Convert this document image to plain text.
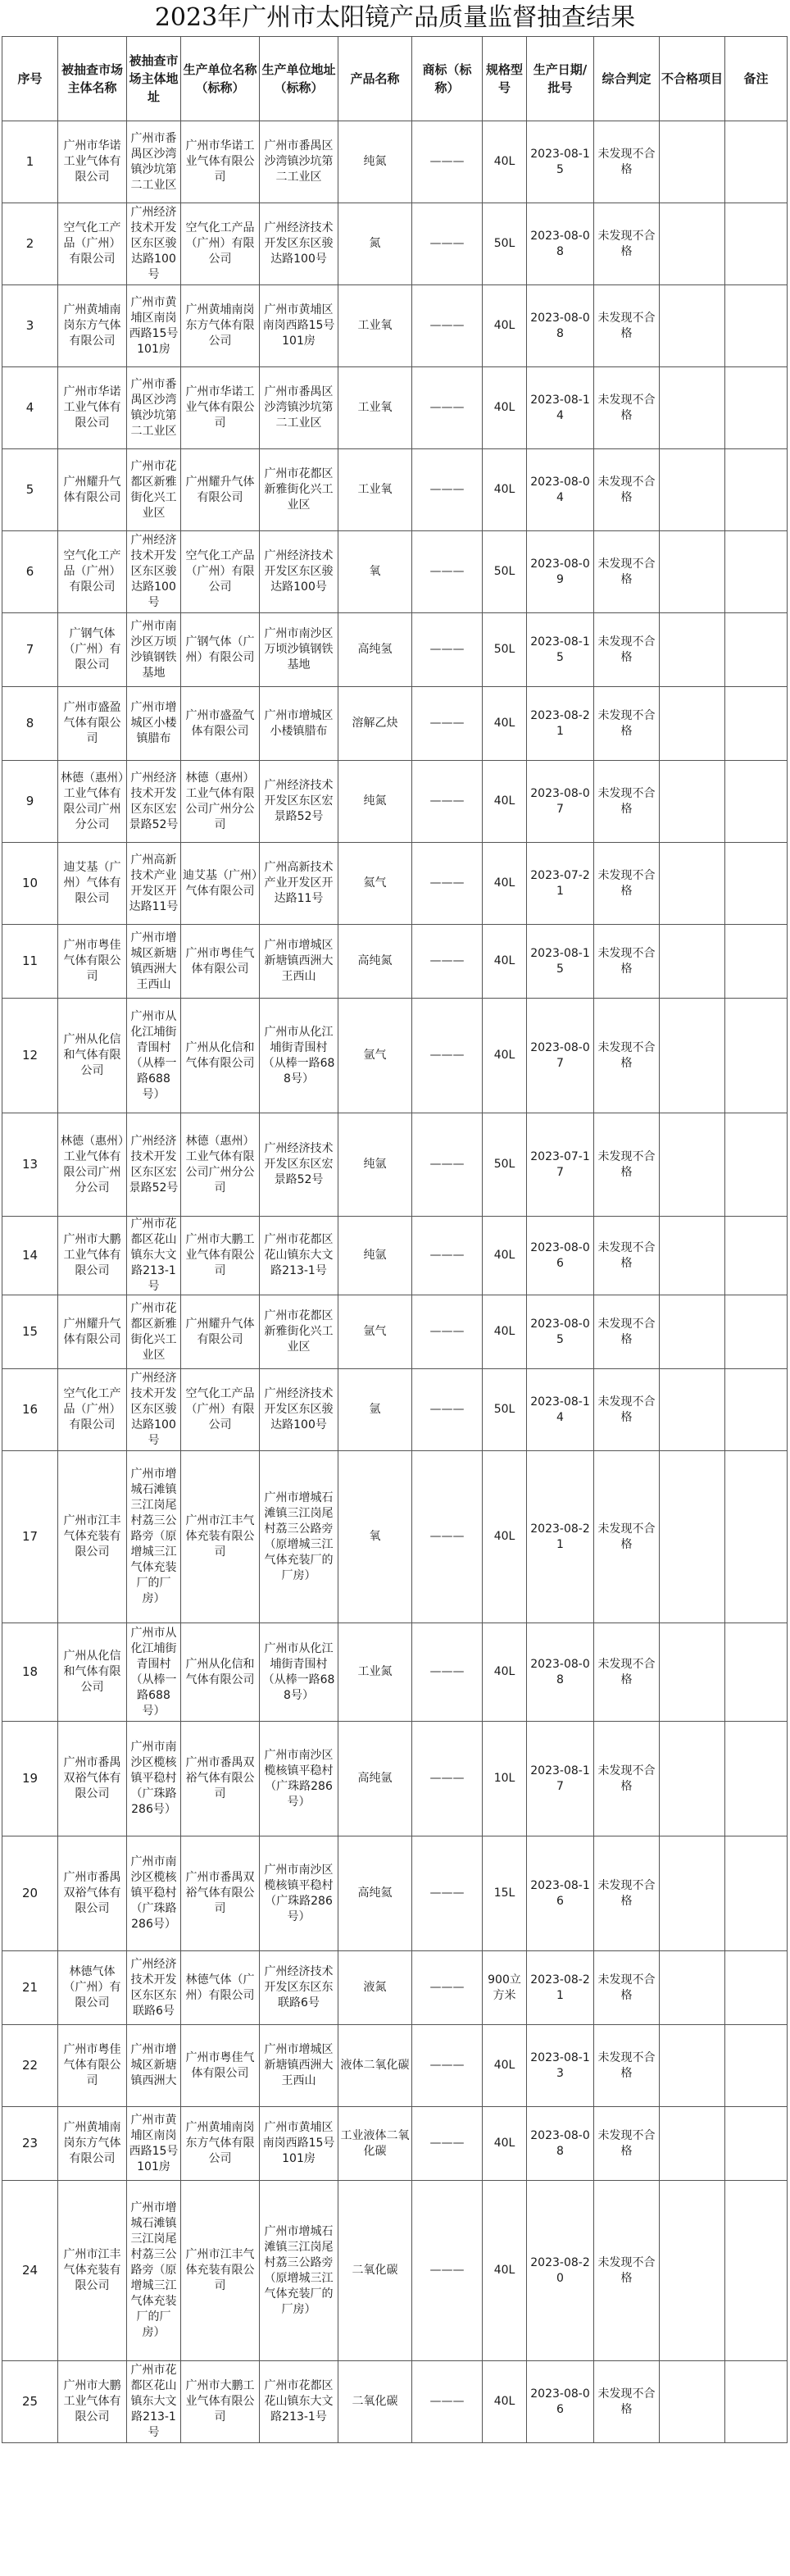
2023年广州市太阳镜产品质量监督抽查结果
序号	被抽查市场主体名称	被抽查市场主体地址	生产单位名称（标称）	生产单位地址（标称）	产品名称	商标（标称）	规格型号	生产日期/批号	综合判定	不合格项目	备注
1	广州市华诺工业气体有限公司	广州市番禺区沙湾镇沙坑第二工业区	广州市华诺工业气体有限公司	广州市番禺区沙湾镇沙坑第二工业区	纯氮	———	40L	2023-08-15	未发现不合格		
2	空气化工产品（广州）有限公司	广州经济技术开发区东区骏达路100号	空气化工产品（广州）有限公司	广州经济技术开发区东区骏达路100号	氮	———	50L	2023-08-08	未发现不合格		
3	广州黄埔南岗东方气体有限公司	广州市黄埔区南岗西路15号101房	广州黄埔南岗东方气体有限公司	广州市黄埔区南岗西路15号101房	工业氧	———	40L	2023-08-08	未发现不合格		
4	广州市华诺工业气体有限公司	广州市番禺区沙湾镇沙坑第二工业区	广州市华诺工业气体有限公司	广州市番禺区沙湾镇沙坑第二工业区	工业氧	———	40L	2023-08-14	未发现不合格		
5	广州耀升气体有限公司	广州市花都区新雅街化兴工业区	广州耀升气体有限公司	广州市花都区新雅街化兴工业区	工业氧	———	40L	2023-08-04	未发现不合格		
6	空气化工产品（广州）有限公司	广州经济技术开发区东区骏达路100号	空气化工产品（广州）有限公司	广州经济技术开发区东区骏达路100号	氧	———	50L	2023-08-09	未发现不合格		
7	广钢气体（广州）有限公司	广州市南沙区万顷沙镇钢铁基地	广钢气体（广州）有限公司	广州市南沙区万顷沙镇钢铁基地	高纯氢	———	50L	2023-08-15	未发现不合格		
8	广州市盛盈气体有限公司	广州市增城区小楼镇腊布	广州市盛盈气体有限公司	广州市增城区小楼镇腊布	溶解乙炔	———	40L	2023-08-21	未发现不合格		
9	林德（惠州）工业气体有限公司广州分公司	广州经济技术开发区东区宏景路52号	林德（惠州）工业气体有限公司广州分公司	广州经济技术开发区东区宏景路52号	纯氮	———	40L	2023-08-07	未发现不合格		
10	迪艾基（广州）气体有限公司	广州高新技术产业开发区开达路11号	迪艾基（广州）气体有限公司	广州高新技术产业开发区开达路11号	氦气	———	40L	2023-07-21	未发现不合格		
11	广州市粤佳气体有限公司	广州市增城区新塘镇西洲大王西山	广州市粤佳气体有限公司	广州市增城区新塘镇西洲大王西山	高纯氮	———	40L	2023-08-15	未发现不合格		
12	广州从化信和气体有限公司	广州市从化江埔街青围村（从棒一路688号）	广州从化信和气体有限公司	广州市从化江埔街青围村（从棒一路688号）	氩气	———	40L	2023-08-07	未发现不合格		
13	林德（惠州）工业气体有限公司广州分公司	广州经济技术开发区东区宏景路52号	林德（惠州）工业气体有限公司广州分公司	广州经济技术开发区东区宏景路52号	纯氩	———	50L	2023-07-17	未发现不合格		
14	广州市大鹏工业气体有限公司	广州市花都区花山镇东大文路213-1号	广州市大鹏工业气体有限公司	广州市花都区花山镇东大文路213-1号	纯氩	———	40L	2023-08-06	未发现不合格		
15	广州耀升气体有限公司	广州市花都区新雅街化兴工业区	广州耀升气体有限公司	广州市花都区新雅街化兴工业区	氩气	———	40L	2023-08-05	未发现不合格		
16	空气化工产品（广州）有限公司	广州经济技术开发区东区骏达路100号	空气化工产品（广州）有限公司	广州经济技术开发区东区骏达路100号	氩	———	50L	2023-08-14	未发现不合格		
17	广州市江丰气体充装有限公司	广州市增城石滩镇三江岗尾村荔三公路旁（原增城三江气体充装厂的厂房）	广州市江丰气体充装有限公司	广州市增城石滩镇三江岗尾村荔三公路旁（原增城三江气体充装厂的厂房）	氧	———	40L	2023-08-21	未发现不合格		
18	广州从化信和气体有限公司	广州市从化江埔街青围村（从棒一路688号）	广州从化信和气体有限公司	广州市从化江埔街青围村（从棒一路688号）	工业氮	———	40L	2023-08-08	未发现不合格		
19	广州市番禺双裕气体有限公司	广州市南沙区榄核镇平稳村（广珠路286号）	广州市番禺双裕气体有限公司	广州市南沙区榄核镇平稳村（广珠路286号）	高纯氩	———	10L	2023-08-17	未发现不合格		
20	广州市番禺双裕气体有限公司	广州市南沙区榄核镇平稳村（广珠路286号）	广州市番禺双裕气体有限公司	广州市南沙区榄核镇平稳村（广珠路286号）	高纯氦	———	15L	2023-08-16	未发现不合格		
21	林德气体（广州）有限公司	广州经济技术开发区东区东联路6号	林德气体（广州）有限公司	广州经济技术开发区东区东联路6号	液氮	———	900立方米	2023-08-21	未发现不合格		
22	广州市粤佳气体有限公司	广州市增城区新塘镇西洲大	广州市粤佳气体有限公司	广州市增城区新塘镇西洲大王西山	液体二氧化碳	———	40L	2023-08-13	未发现不合格		
23	广州黄埔南岗东方气体有限公司	广州市黄埔区南岗西路15号101房	广州黄埔南岗东方气体有限公司	广州市黄埔区南岗西路15号101房	工业液体二氧化碳	———	40L	2023-08-08	未发现不合格		
24	广州市江丰气体充装有限公司	广州市增城石滩镇三江岗尾村荔三公路旁（原增城三江气体充装厂的厂房）	广州市江丰气体充装有限公司	广州市增城石滩镇三江岗尾村荔三公路旁（原增城三江气体充装厂的厂房）	二氧化碳	———	40L	2023-08-20	未发现不合格		
25	广州市大鹏工业气体有限公司	广州市花都区花山镇东大文路213-1号	广州市大鹏工业气体有限公司	广州市花都区花山镇东大文路213-1号	二氧化碳	———	40L	2023-08-06	未发现不合格		
